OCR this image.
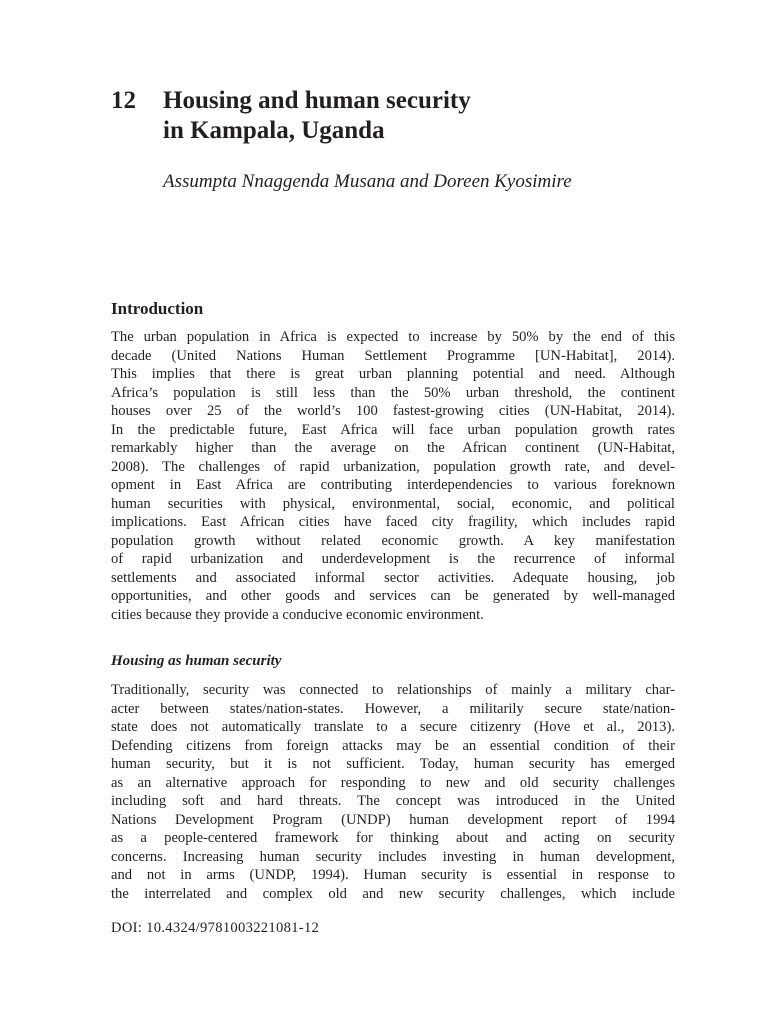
12 Housing and human security
in Kampala, Uganda
Assumpta Nnaggenda Musana and Doreen Kyosimire
Introduction
The urban population in Africa is expected to increase by 50% by the end of this
decade (United Nations Human Settlement Programme [UN-Habitat], 2014).
This implies that there is great urban planning potential and need. Although
Africa’s population is still less than the 50% urban threshold, the continent
houses over 25 of the world’s 100 fastest-growing cities (UN-Habitat, 2014).
In the predictable future, East Africa will face urban population growth rates
remarkably higher than the average on the African continent (UN-Habitat,
2008). The challenges of rapid urbanization, population growth rate, and devel-
opment in East Africa are contributing interdependencies to various foreknown
human securities with physical, environmental, social, economic, and political
implications. East African cities have faced city fragility, which includes rapid
population growth without related economic growth. A key manifestation
of rapid urbanization and underdevelopment is the recurrence of informal
settlements and associated informal sector activities. Adequate housing, job
opportunities, and other goods and services can be generated by well-managed
cities because they provide a conducive economic environment.
Housing as human security
Traditionally, security was connected to relationships of mainly a military char-
acter between states/nation-states. However, a militarily secure state/nation-
state does not automatically translate to a secure citizenry (Hove et al., 2013).
Defending citizens from foreign attacks may be an essential condition of their
human security, but it is not sufficient. Today, human security has emerged
as an alternative approach for responding to new and old security challenges
including soft and hard threats. The concept was introduced in the United
Nations Development Program (UNDP) human development report of 1994
as a people-centered framework for thinking about and acting on security
concerns. Increasing human security includes investing in human development,
and not in arms (UNDP, 1994). Human security is essential in response to
the interrelated and complex old and new security challenges, which include
DOI: 10.4324/9781003221081-12
